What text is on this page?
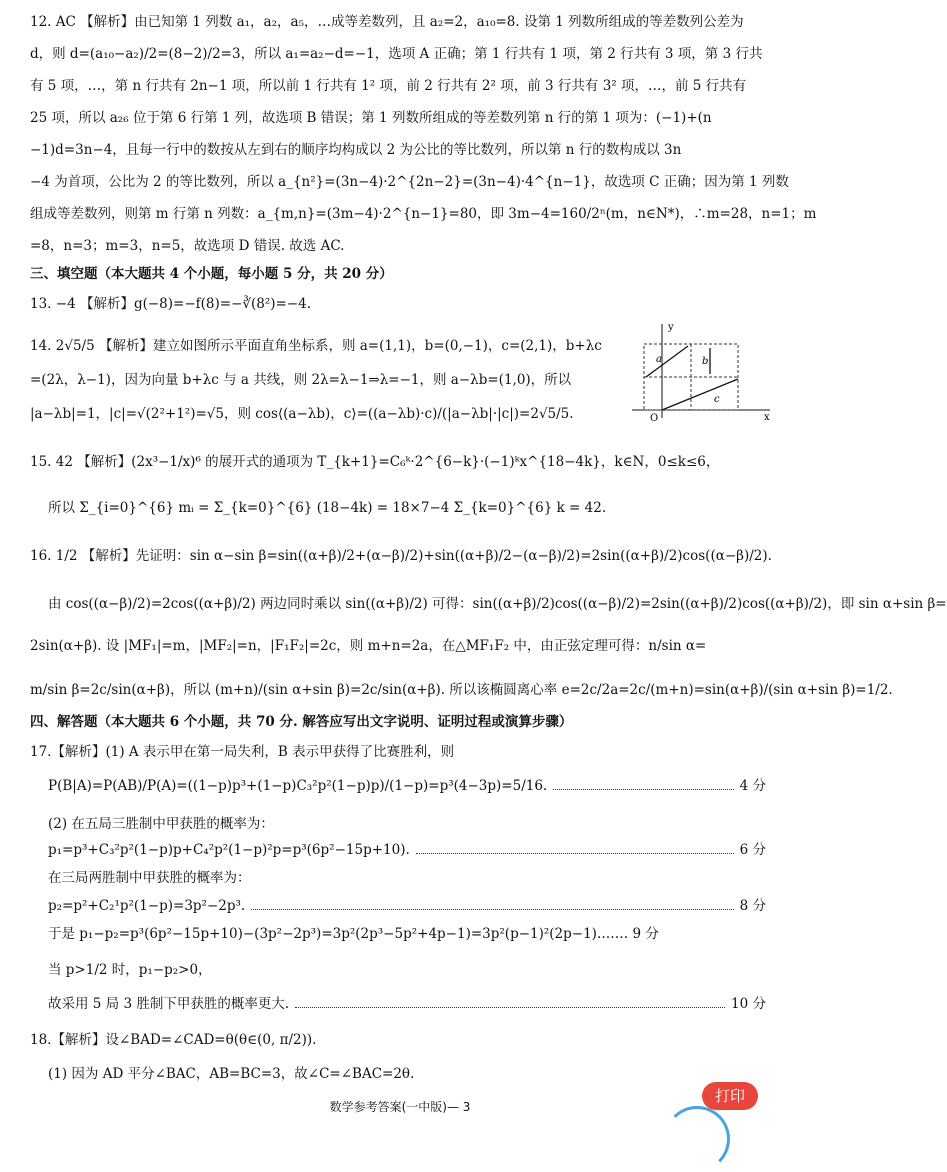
12. AC 【解析】由已知第 1 列数 a₁，a₂，a₅，…成等差数列，且 a₂=2，a₁₀=8. 设第 1 列数所组成的等差数列公差为
d，则 d=(a₁₀−a₂)/2=(8−2)/2=3，所以 a₁=a₂−d=−1，选项 A 正确；第 1 行共有 1 项，第 2 行共有 3 项，第 3 行共
有 5 项，…，第 n 行共有 2n−1 项，所以前 1 行共有 1² 项，前 2 行共有 2² 项，前 3 行共有 3² 项，…，前 5 行共有
25 项，所以 a₂₆ 位于第 6 行第 1 列，故选项 B 错误；第 1 列数所组成的等差数列第 n 行的第 1 项为：(−1)+(n
−1)d=3n−4，且每一行中的数按从左到右的顺序均构成以 2 为公比的等比数列，所以第 n 行的数构成以 3n
−4 为首项，公比为 2 的等比数列，所以 a_{n²}=(3n−4)·2^{2n−2}=(3n−4)·4^{n−1}，故选项 C 正确；因为第 1 列数
组成等差数列，则第 m 行第 n 列数：a_{m,n}=(3m−4)·2^{n−1}=80，即 3m−4=160/2ⁿ(m，n∈N*)，∴m=28，n=1；m
=8，n=3；m=3，n=5，故选项 D 错误. 故选 AC.
三、填空题（本大题共 4 个小题，每小题 5 分，共 20 分）
13. −4 【解析】g(−8)=−f(8)=−∛(8²)=−4.
14. 2√5/5 【解析】建立如图所示平面直角坐标系，则 a=(1,1)，b=(0,−1)，c=(2,1)，b+λc
=(2λ，λ−1)，因为向量 b+λc 与 a 共线，则 2λ=λ−1⇒λ=−1，则 a−λb=(1,0)，所以
|a−λb|=1，|c|=√(2²+1²)=√5，则 cos⟨(a−λb)，c⟩=((a−λb)·c)/(|a−λb|·|c|)=2√5/5.
y
x
O
a	b
c
15. 42 【解析】(2x³−1/x)⁶ 的展开式的通项为 T_{k+1}=C₆ᵏ·2^{6−k}·(−1)ᵏx^{18−4k}，k∈N，0≤k≤6，
所以 Σ_{i=0}^{6} mᵢ = Σ_{k=0}^{6} (18−4k) = 18×7−4 Σ_{k=0}^{6} k = 42.
16. 1/2 【解析】先证明：sin α−sin β=sin((α+β)/2+(α−β)/2)+sin((α+β)/2−(α−β)/2)=2sin((α+β)/2)cos((α−β)/2).
由 cos((α−β)/2)=2cos((α+β)/2) 两边同时乘以 sin((α+β)/2) 可得：sin((α+β)/2)cos((α−β)/2)=2sin((α+β)/2)cos((α+β)/2)，即 sin α+sin β=
2sin(α+β). 设 |MF₁|=m，|MF₂|=n，|F₁F₂|=2c，则 m+n=2a，在△MF₁F₂ 中，由正弦定理可得：n/sin α=
m/sin β=2c/sin(α+β)，所以 (m+n)/(sin α+sin β)=2c/sin(α+β). 所以该椭圆离心率 e=2c/2a=2c/(m+n)=sin(α+β)/(sin α+sin β)=1/2.
四、解答题（本大题共 6 个小题，共 70 分. 解答应写出文字说明、证明过程或演算步骤）
17.【解析】(1) A 表示甲在第一局失利，B 表示甲获得了比赛胜利，则
P(B|A)=P(AB)/P(A)=((1−p)p³+(1−p)C₃²p²(1−p)p)/(1−p)=p³(4−3p)=5/16.	4 分
(2) 在五局三胜制中甲获胜的概率为：
p₁=p³+C₃²p²(1−p)p+C₄²p²(1−p)²p=p³(6p²−15p+10).	6 分
在三局两胜制中甲获胜的概率为：
p₂=p²+C₂¹p²(1−p)=3p²−2p³.	8 分
于是 p₁−p₂=p³(6p²−15p+10)−(3p²−2p³)=3p²(2p³−5p²+4p−1)=3p²(p−1)²(2p−1). …… 9 分
当 p>1/2 时，p₁−p₂>0，
故采用 5 局 3 胜制下甲获胜的概率更大.	10 分
18.【解析】设∠BAD=∠CAD=θ(θ∈(0, π/2)).
(1) 因为 AD 平分∠BAC，AB=BC=3，故∠C=∠BAC=2θ.
数学参考答案(一中版)— 3
打印
